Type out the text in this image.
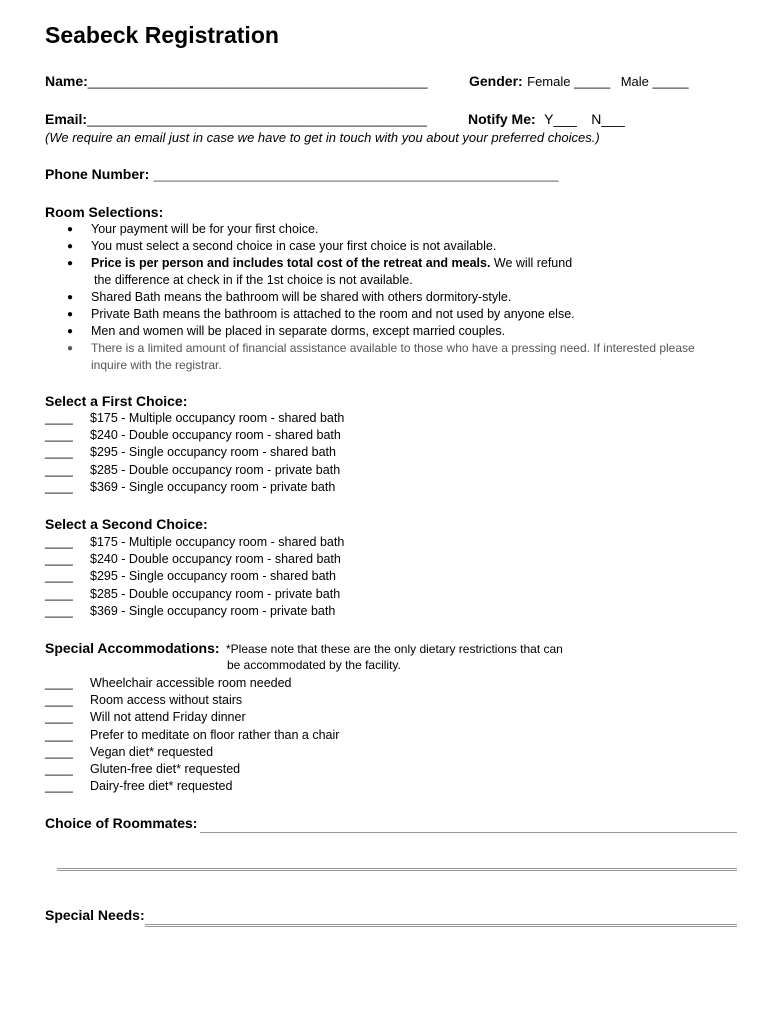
Seabeck Registration
Name:_______________________________________________	Gender: Female _____ Male _____
Email:_______________________________________________	Notify Me: Y___ N___
(We require an email just in case we have to get in touch with you about your preferred choices.)
Phone Number: ________________________________________________________
Room Selections:
● Your payment will be for your first choice.
● You must select a second choice in case your first choice is not available.
● Price is per person and includes total cost of the retreat and meals. We will refund
the difference at check in if the 1st choice is not available.
● Shared Bath means the bathroom will be shared with others dormitory-style.
● Private Bath means the bathroom is attached to the room and not used by anyone else.
● Men and women will be placed in separate dorms, except married couples.
● There is a limited amount of financial assistance available to those who have a pressing need. If interested please
inquire with the registrar.
Select a First Choice:
____ $175 - Multiple occupancy room - shared bath
____ $240 - Double occupancy room - shared bath
____ $295 - Single occupancy room - shared bath
____ $285 - Double occupancy room - private bath
____ $369 - Single occupancy room - private bath
Select a Second Choice:
____ $175 - Multiple occupancy room - shared bath
____ $240 - Double occupancy room - shared bath
____ $295 - Single occupancy room - shared bath
____ $285 - Double occupancy room - private bath
____ $369 - Single occupancy room - private bath
Special Accommodations: *Please note that these are the only dietary restrictions that can
be accommodated by the facility.
____ Wheelchair accessible room needed
____ Room access without stairs
____ Will not attend Friday dinner
____ Prefer to meditate on floor rather than a chair
____ Vegan diet* requested
____ Gluten-free diet* requested
____ Dairy-free diet* requested
Choice of Roommates:
Special Needs:
